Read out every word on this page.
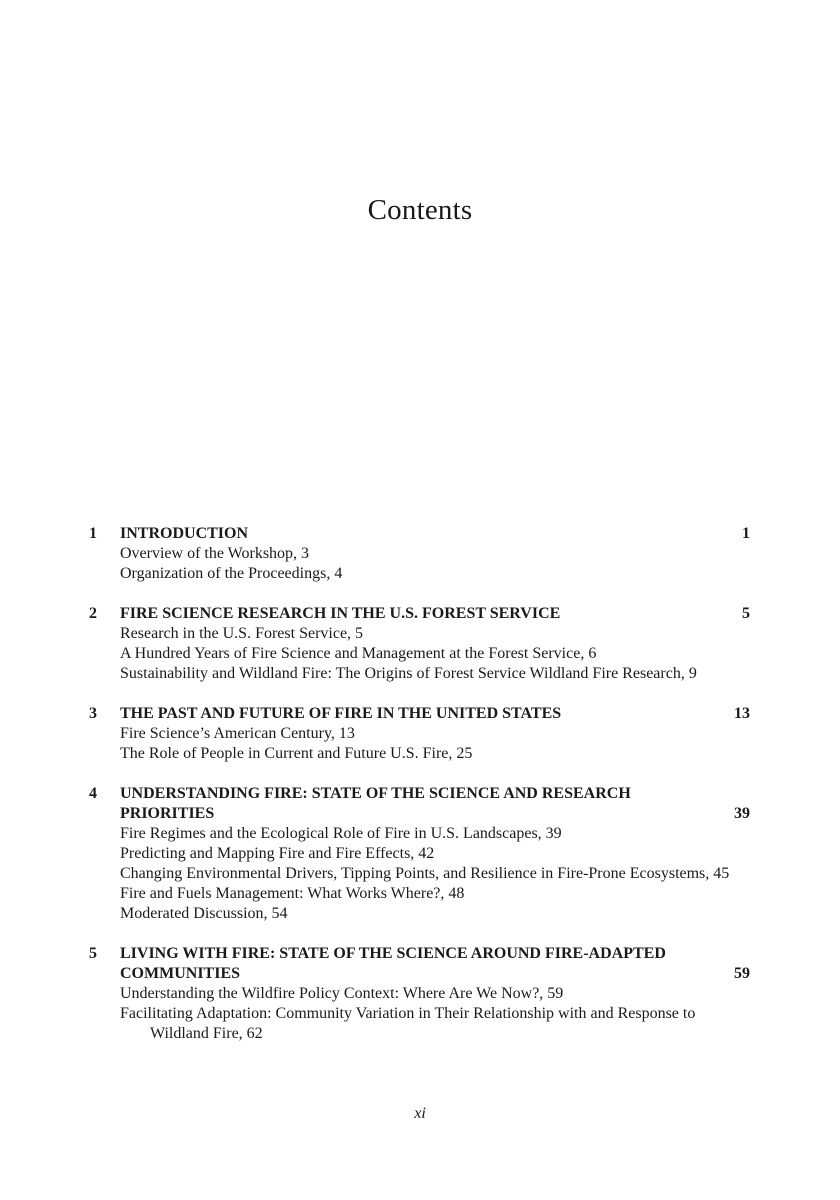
Contents
1 INTRODUCTION	1
Overview of the Workshop, 3
Organization of the Proceedings, 4
2 FIRE SCIENCE RESEARCH IN THE U.S. FOREST SERVICE	5
Research in the U.S. Forest Service, 5
A Hundred Years of Fire Science and Management at the Forest Service, 6
Sustainability and Wildland Fire: The Origins of Forest Service Wildland Fire Research, 9
3 THE PAST AND FUTURE OF FIRE IN THE UNITED STATES	13
Fire Science’s American Century, 13
The Role of People in Current and Future U.S. Fire, 25
4 UNDERSTANDING FIRE: STATE OF THE SCIENCE AND RESEARCH PRIORITIES	39
Fire Regimes and the Ecological Role of Fire in U.S. Landscapes, 39
Predicting and Mapping Fire and Fire Effects, 42
Changing Environmental Drivers, Tipping Points, and Resilience in Fire-Prone Ecosystems, 45
Fire and Fuels Management: What Works Where?, 48
Moderated Discussion, 54
5 LIVING WITH FIRE: STATE OF THE SCIENCE AROUND FIRE-ADAPTED COMMUNITIES	59
Understanding the Wildfire Policy Context: Where Are We Now?, 59
Facilitating Adaptation: Community Variation in Their Relationship with and Response to Wildland Fire, 62
xi
